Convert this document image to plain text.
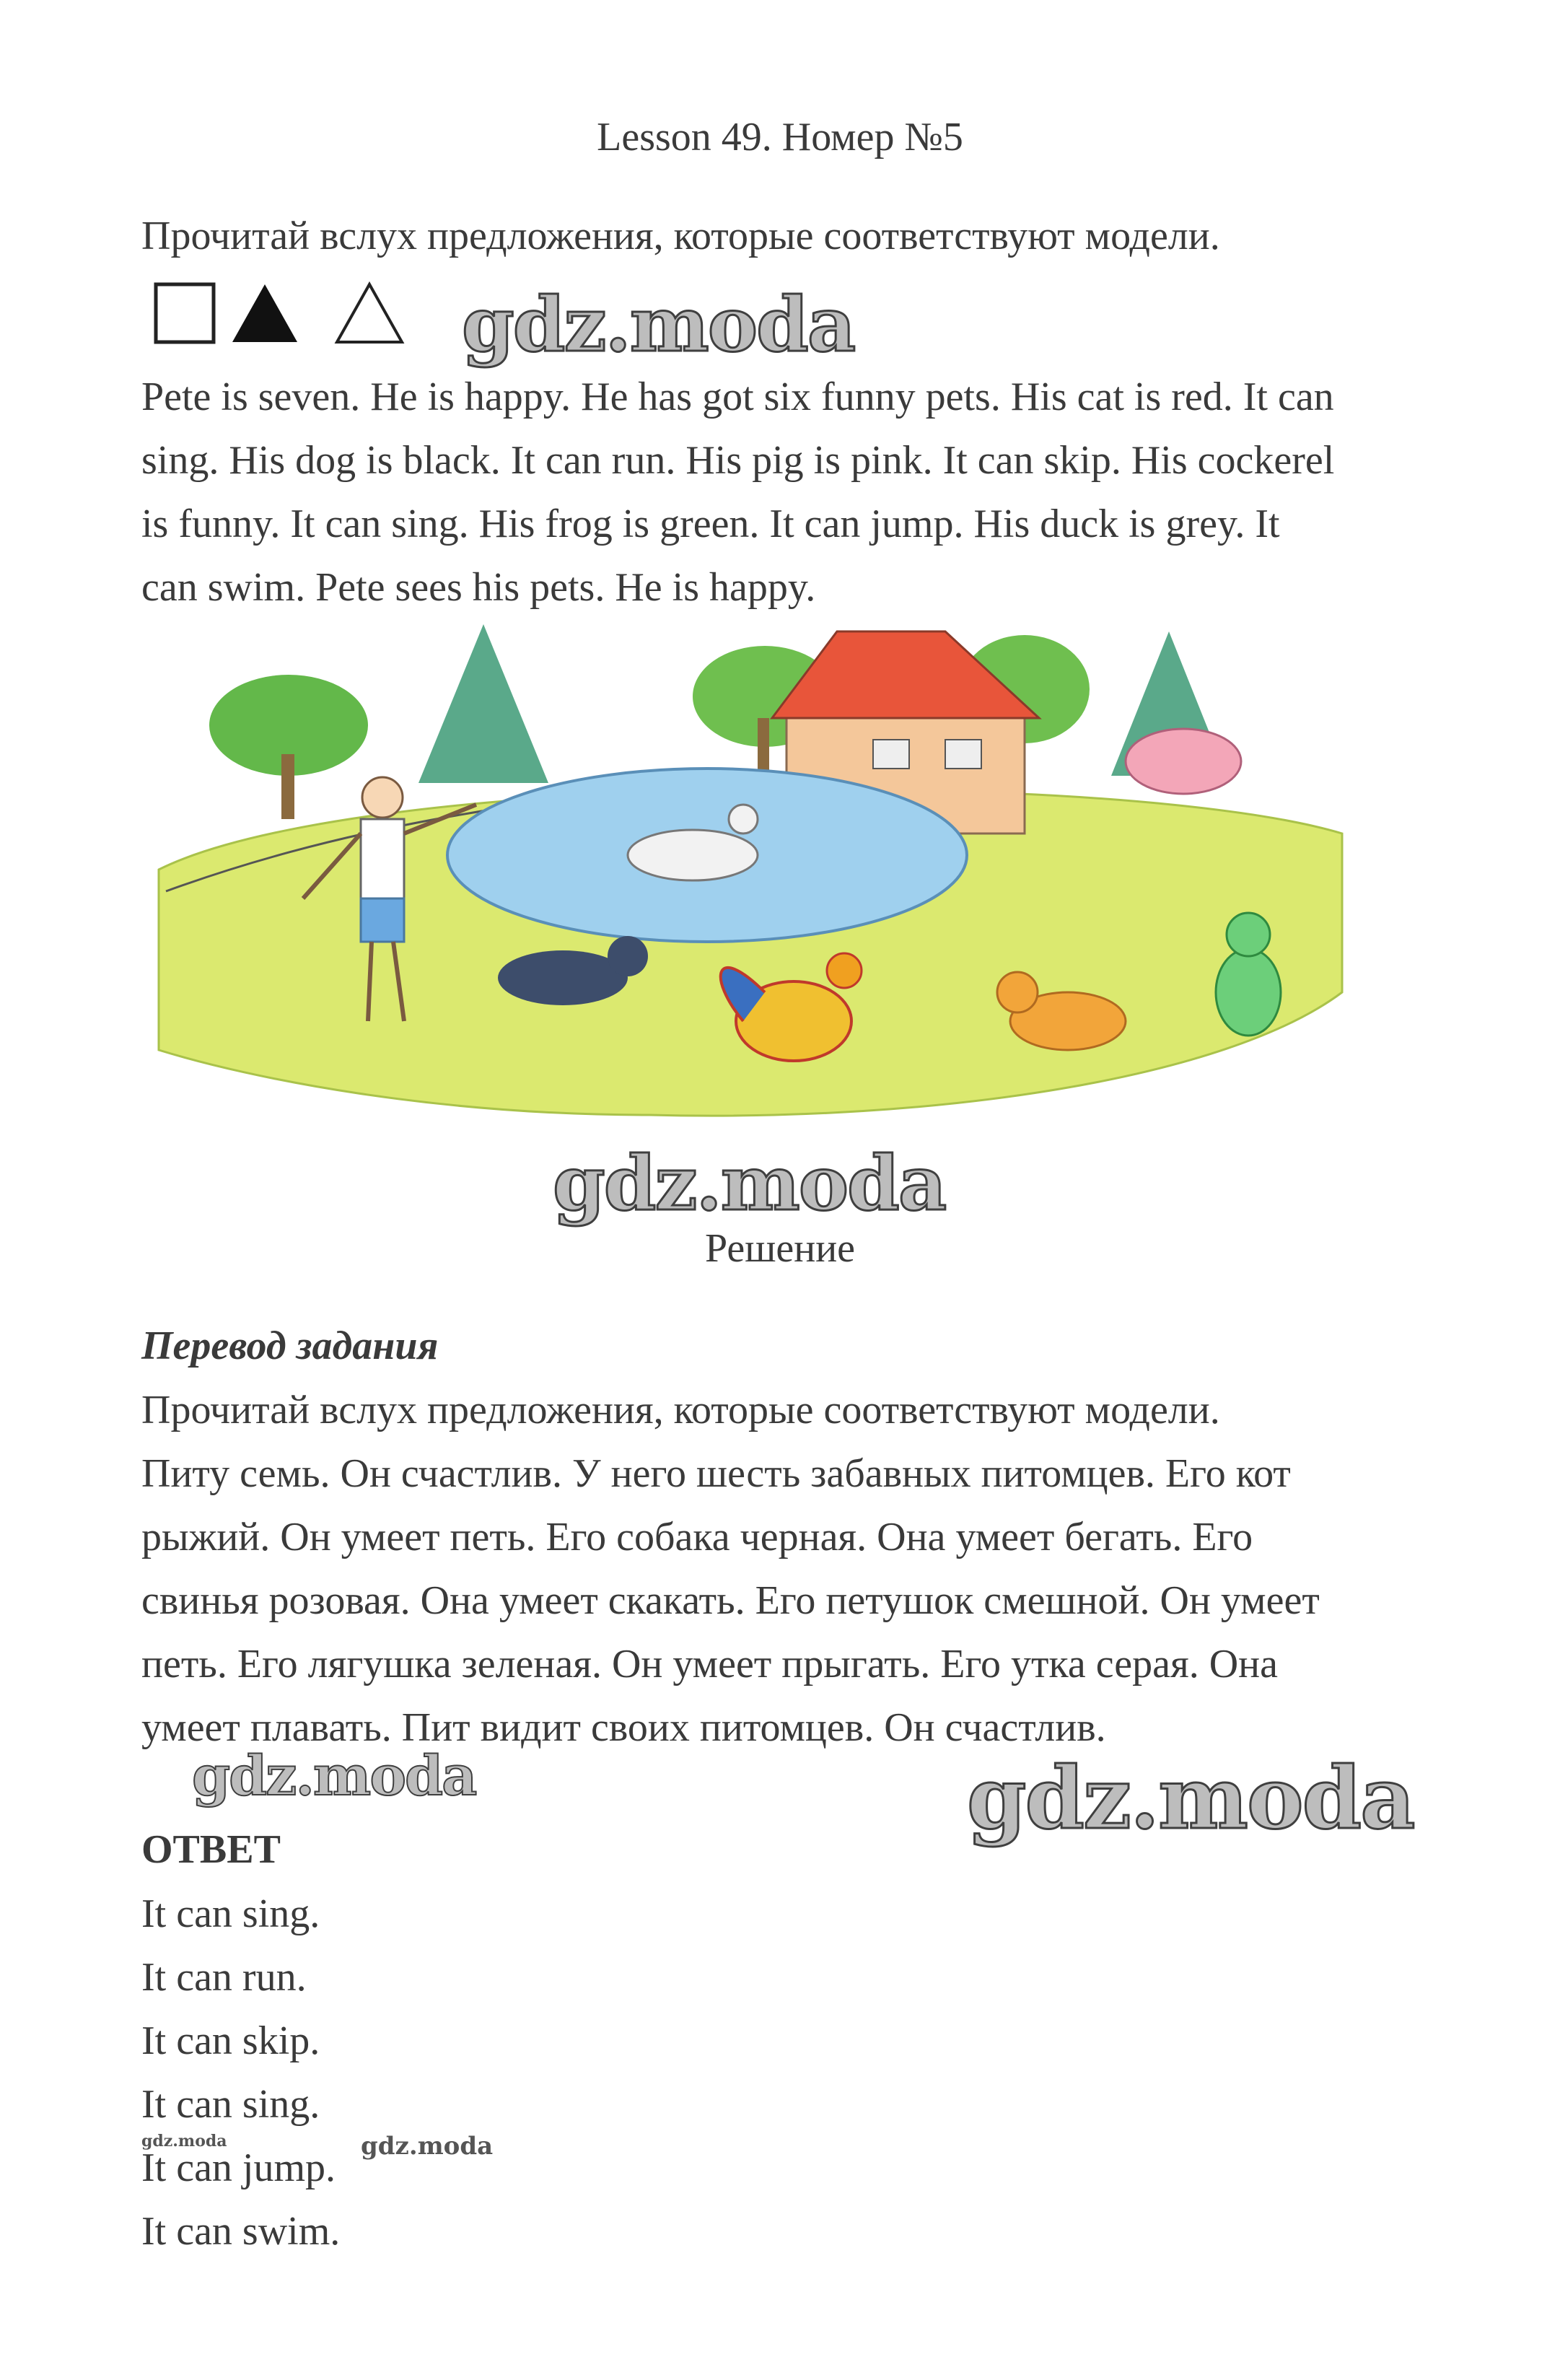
Lesson 49. Номер №5
Прочитай вслух предложения, которые соответствуют модели.
gdz.moda

Pete is seven. He is happy. He has got six funny pets. His cat is red. It can

sing. His dog is black. It can run. His pig is pink. It can skip. His cockerel

is funny. It can sing. His frog is green. It can jump. His duck is grey. It

can swim. Pete sees his pets. He is happy.

gdz.moda
Решение
Перевод задания

Прочитай вслух предложения, которые соответствуют модели.

Питу семь. Он счастлив. У него шесть забавных питомцев. Его кот

рыжий. Он умеет петь. Его собака черная. Она умеет бегать. Его

свинья розовая. Она умеет скакать. Его петушок смешной. Он умеет

петь. Его лягушка зеленая. Он умеет прыгать. Его утка серая. Она

умеет плавать. Пит видит своих питомцев. Он счастлив.

gdz.moda	gdz.moda
ОТВЕТ
It can sing.
It can run.
It can skip.
It can sing.
It can jump.
It can swim.
gdz.moda	gdz.moda
